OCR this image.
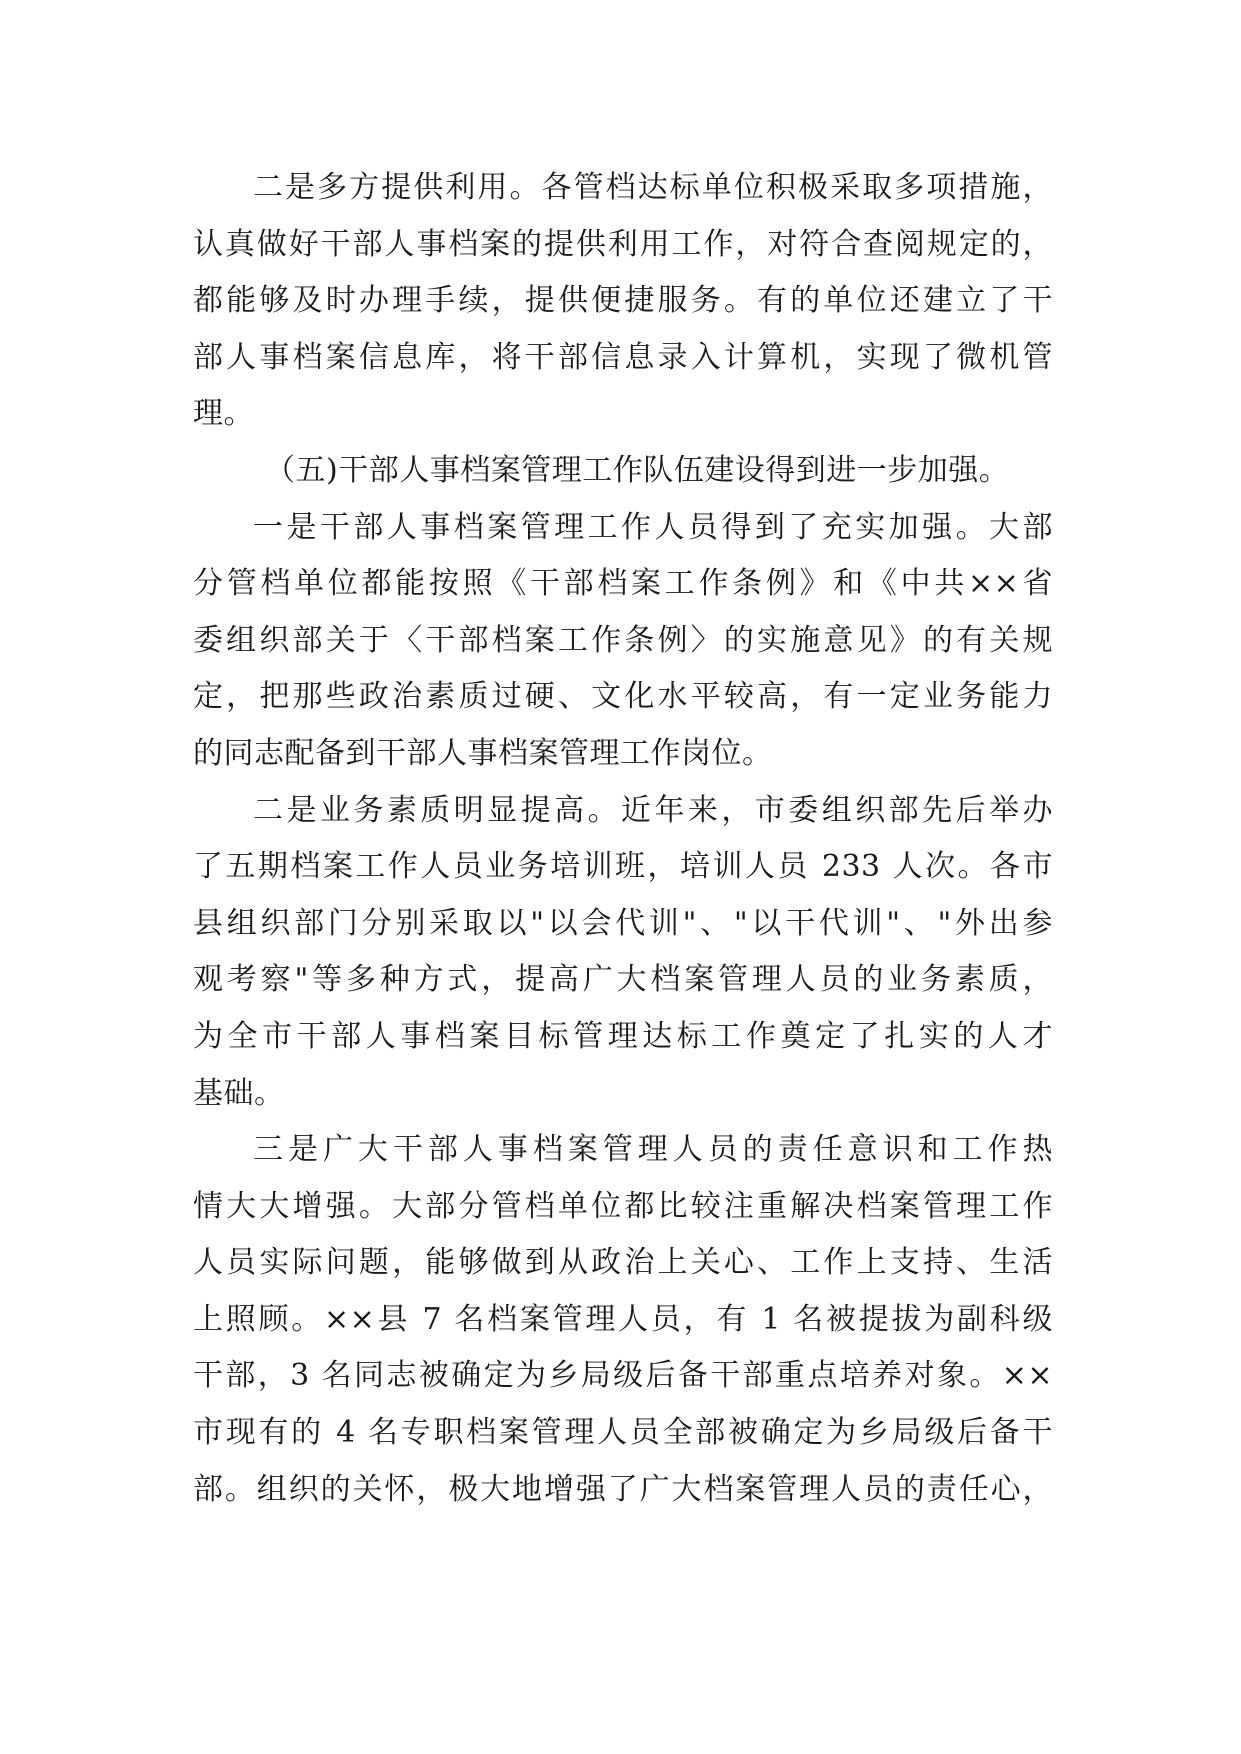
二是多方提供利用。各管档达标单位积极采取多项措施，
认真做好干部人事档案的提供利用工作，对符合查阅规定的，
都能够及时办理手续，提供便捷服务。有的单位还建立了干
部人事档案信息库，将干部信息录入计算机，实现了微机管
理。

（五)干部人事档案管理工作队伍建设得到进一步加强。

一是干部人事档案管理工作人员得到了充实加强。大部
分管档单位都能按照《干部档案工作条例》和《中共××省
委组织部关于〈干部档案工作条例〉的实施意见》的有关规
定，把那些政治素质过硬、文化水平较高，有一定业务能力
的同志配备到干部人事档案管理工作岗位。

二是业务素质明显提高。近年来，市委组织部先后举办
了五期档案工作人员业务培训班，培训人员 233 人次。各市
县组织部门分别采取以"以会代训"、"以干代训"、"外出参
观考察"等多种方式，提高广大档案管理人员的业务素质，
为全市干部人事档案目标管理达标工作奠定了扎实的人才
基础。

三是广大干部人事档案管理人员的责任意识和工作热
情大大增强。大部分管档单位都比较注重解决档案管理工作
人员实际问题，能够做到从政治上关心、工作上支持、生活
上照顾。××县 7 名档案管理人员，有 1 名被提拔为副科级
干部，3 名同志被确定为乡局级后备干部重点培养对象。××
市现有的 4 名专职档案管理人员全部被确定为乡局级后备干
部。组织的关怀，极大地增强了广大档案管理人员的责任心，
